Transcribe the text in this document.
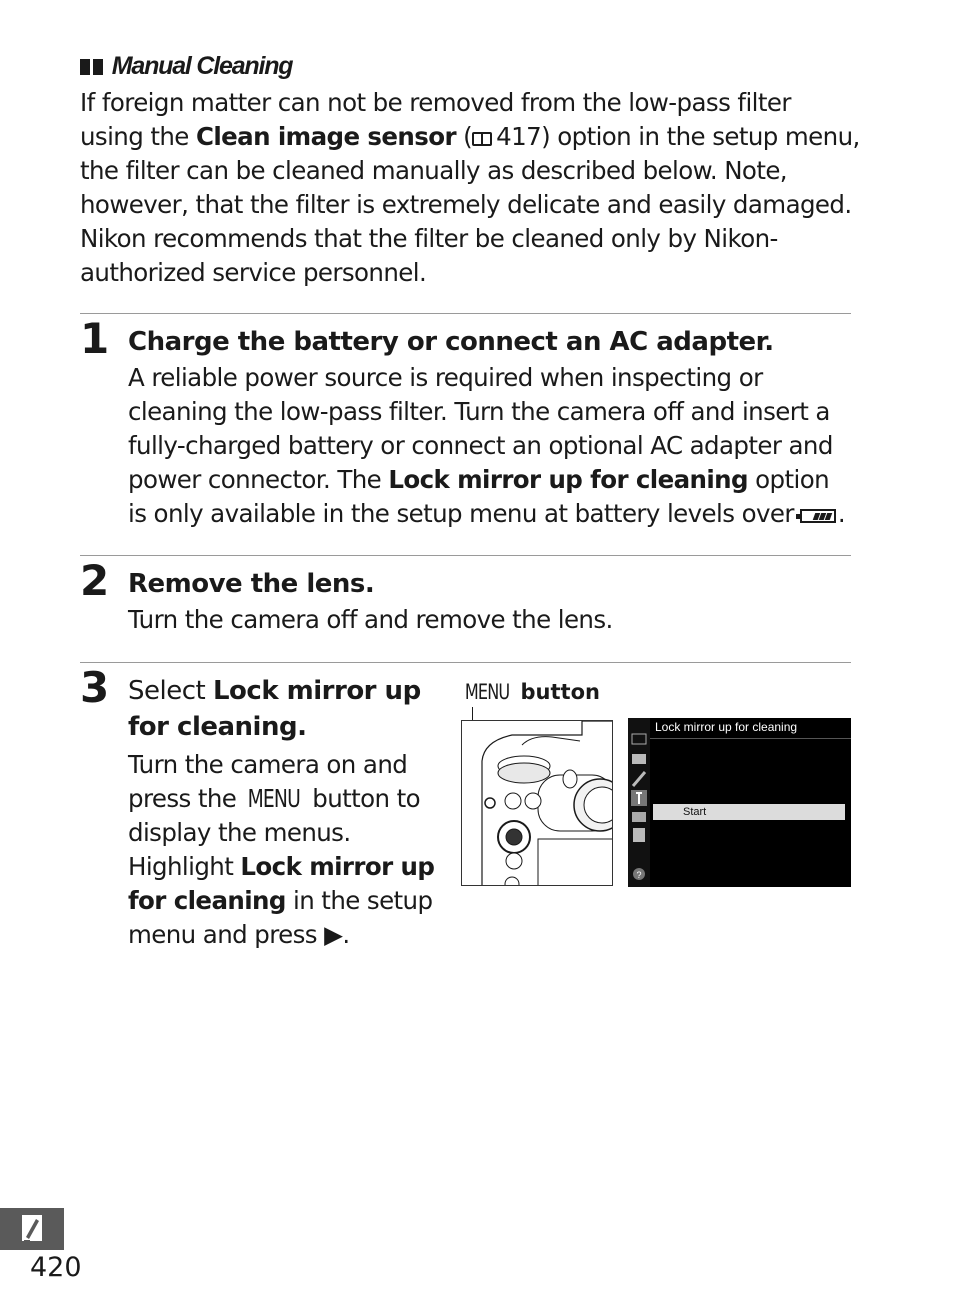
Manual Cleaning
If foreign matter can not be removed from the low-pass filter using the Clean image sensor ( 417) option in the setup menu, the filter can be cleaned manually as described below. Note, however, that the filter is extremely delicate and easily damaged. Nikon recommends that the filter be cleaned only by Nikon-authorized service personnel.
1 Charge the battery or connect an AC adapter.
A reliable power source is required when inspecting or cleaning the low-pass filter. Turn the camera off and insert a fully-charged battery or connect an optional AC adapter and power connector. The Lock mirror up for cleaning option is only available in the setup menu at battery levels over .
2 Remove the lens.
Turn the camera off and remove the lens.
3 Select Lock mirror up for cleaning.
Turn the camera on and press the MENU button to display the menus. Highlight Lock mirror up for cleaning in the setup menu and press ▶.
MENU button
?
Lock mirror up for cleaning
Start
420
